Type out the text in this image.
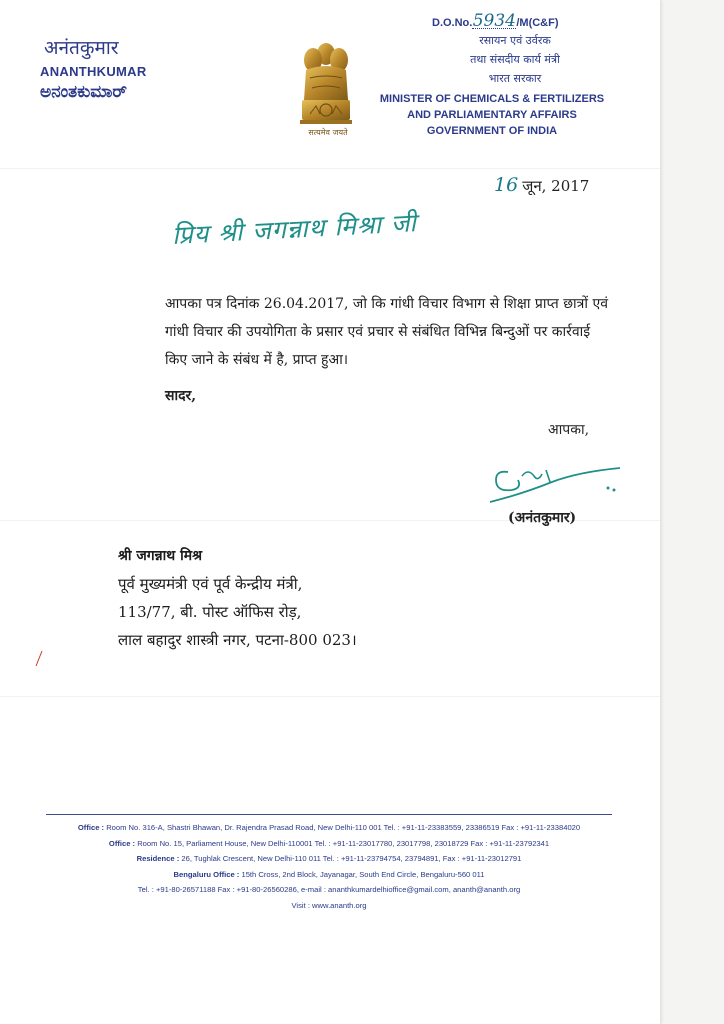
अनंतकुमार
ANANTHKUMAR
ಅನಂತಕುಮಾರ್
सत्यमेव जयते
D.O.No.5934/M(C&F)
रसायन एवं उर्वरक
तथा संसदीय कार्य मंत्री
भारत सरकार
MINISTER OF CHEMICALS & FERTILIZERS
AND PARLIAMENTARY AFFAIRS
GOVERNMENT OF INDIA
16 जून, 2017
प्रिय श्री जगन्नाथ मिश्रा जी
आपका पत्र दिनांक 26.04.2017, जो कि गांधी विचार विभाग से शिक्षा प्राप्त छात्रों एवं गांधी विचार की उपयोगिता के प्रसार एवं प्रचार से संबंधित विभिन्न बिन्दुओं पर कार्रवाई किए जाने के संबंध में है, प्राप्त हुआ।
सादर,
आपका,
(अनंतकुमार)
श्री जगन्नाथ मिश्र
पूर्व मुख्यमंत्री एवं पूर्व केन्द्रीय मंत्री,
113/77, बी. पोस्ट ऑफिस रोड़,
लाल बहादुर शास्त्री नगर, पटना-800 023।
Office : Room No. 316-A, Shastri Bhawan, Dr. Rajendra Prasad Road, New Delhi-110 001 Tel. : +91-11-23383559, 23386519 Fax : +91-11-23384020
Office : Room No. 15, Parliament House, New Delhi-110001 Tel. : +91-11-23017780, 23017798, 23018729 Fax : +91-11-23792341
Residence : 26, Tughlak Crescent, New Delhi-110 011 Tel. : +91-11-23794754, 23794891, Fax : +91-11-23012791
Bengaluru Office : 15th Cross, 2nd Block, Jayanagar, South End Circle, Bengaluru-560 011
Tel. : +91-80-26571188 Fax : +91-80-26560286, e-mail : ananthkumardelhioffice@gmail.com, ananth@ananth.org
Visit : www.ananth.org
